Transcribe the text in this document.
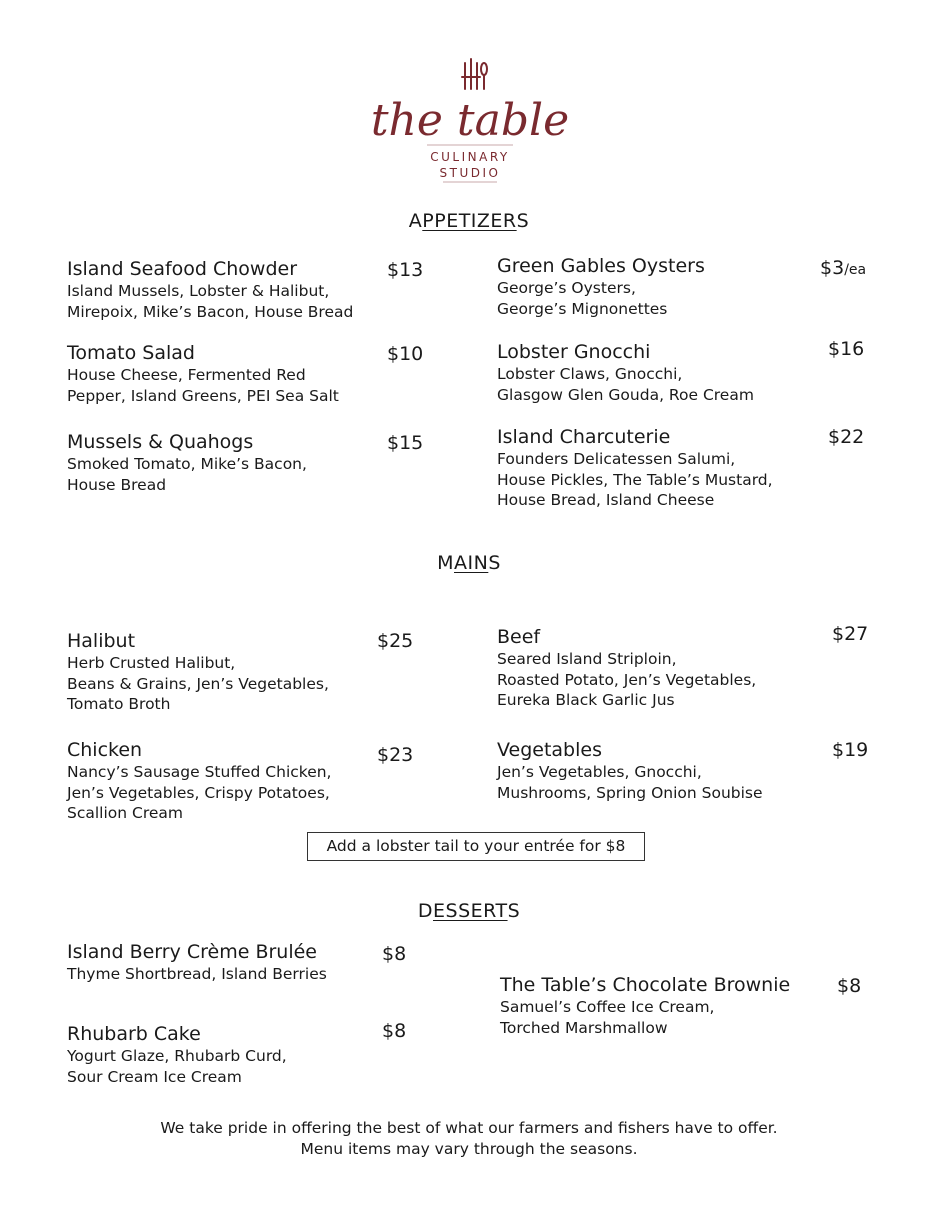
the table
CULINARY
STUDIO
APPETIZERS
Island Seafood Chowder
Island Mussels, Lobster & Halibut,
Mirepoix, Mike’s Bacon, House Bread
$13
Tomato Salad
House Cheese, Fermented Red
Pepper, Island Greens, PEI Sea Salt
$10
Mussels & Quahogs
Smoked Tomato, Mike’s Bacon,
House Bread
$15
Green Gables Oysters
George’s Oysters,
George’s Mignonettes
$3/ea
Lobster Gnocchi
Lobster Claws, Gnocchi,
Glasgow Glen Gouda, Roe Cream
$16
Island Charcuterie
Founders Delicatessen Salumi,
House Pickles, The Table’s Mustard,
House Bread, Island Cheese
$22
MAINS
Halibut
Herb Crusted Halibut,
Beans & Grains, Jen’s Vegetables,
Tomato Broth
$25
Chicken
Nancy’s Sausage Stuffed Chicken,
Jen’s Vegetables, Crispy Potatoes,
Scallion Cream
$23
Beef
Seared Island Striploin,
Roasted Potato, Jen’s Vegetables,
Eureka Black Garlic Jus
$27
Vegetables
Jen’s Vegetables, Gnocchi,
Mushrooms, Spring Onion Soubise
$19
Add a lobster tail to your entrée for $8
DESSERTS
Island Berry Crème Brulée
Thyme Shortbread, Island Berries
$8
Rhubarb Cake
Yogurt Glaze, Rhubarb Curd,
Sour Cream Ice Cream
$8
The Table’s Chocolate Brownie
Samuel’s Coffee Ice Cream,
Torched Marshmallow
$8
We take pride in offering the best of what our farmers and fishers have to offer.
Menu items may vary through the seasons.
